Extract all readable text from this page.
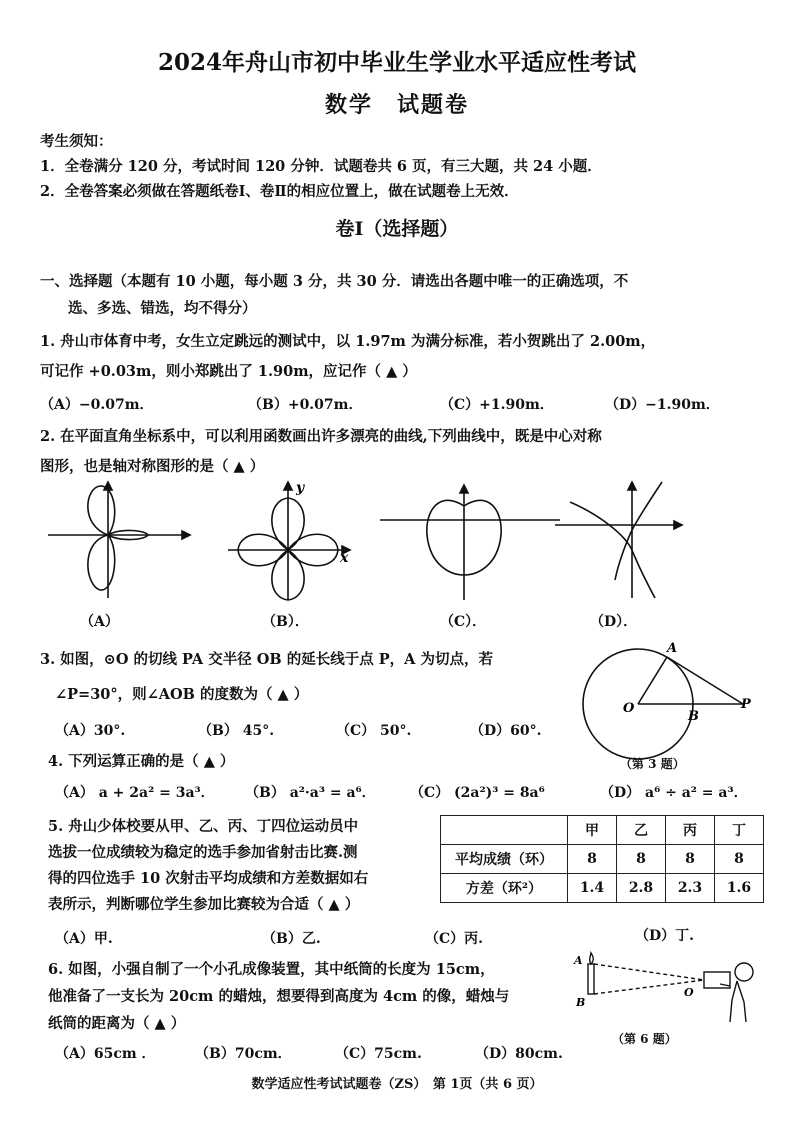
2024年舟山市初中毕业生学业水平适应性考试
数学　试题卷
考生须知：
1．全卷满分 120 分，考试时间 120 分钟．试题卷共 6 页，有三大题，共 24 小题．
2．全卷答案必须做在答题纸卷Ⅰ、卷Ⅱ的相应位置上，做在试题卷上无效．
卷Ⅰ（选择题）
一、选择题（本题有 10 小题，每小题 3 分，共 30 分．请选出各题中唯一的正确选项，不
选、多选、错选，均不得分）
1. 舟山市体育中考，女生立定跳远的测试中，以 1.97m 为满分标准，若小贺跳出了 2.00m，
可记作 +0.03m，则小郑跳出了 1.90m，应记作（ ▲ ）
（A）−0.07m．	（B）+0.07m．	（C）+1.90m．	（D）−1.90m．
2. 在平面直角坐标系中，可以利用函数画出许多漂亮的曲线,下列曲线中，既是中心对称
图形，也是轴对称图形的是（ ▲ ）
y
x
（A）	（B）．	（C）．	（D）．
3. 如图，⊙O 的切线 PA 交半径 OB 的延长线于点 P，A 为切点，若
∠P=30°，则∠AOB 的度数为（ ▲ ）
（A）30°.	（B） 45°.	（C） 50°.	（D）60°.
A
O
B
P
（第 3 题）
4. 下列运算正确的是（ ▲ ）
（A） a + 2a² = 3a³． （B） a²·a³ = a⁶． （C） (2a²)³ = 8a⁶	（D） a⁶ ÷ a² = a³．
5. 舟山少体校要从甲、乙、丙、丁四位运动员中
选拔一位成绩较为稳定的选手参加省射击比赛.测
得的四位选手 10 次射击平均成绩和方差数据如右
表所示，判断哪位学生参加比赛较为合适（ ▲ ）
	甲	乙	丙	丁
平均成绩（环）	8	8	8	8
方差（环²）	1.4	2.8	2.3	1.6
（A）甲.	（B）乙.	（C）丙.	（D）丁.
6. 如图，小强自制了一个小孔成像装置，其中纸筒的长度为 15cm，
他准备了一支长为 20cm 的蜡烛，想要得到高度为 4cm 的像，蜡烛与
纸筒的距离为（ ▲ ）
（A）65cm ．	（B）70cm．	（C）75cm.	（D）80cm.
A
B
O
（第 6 题）
数学适应性考试试题卷（ZS）　第 1页（共 6 页）
